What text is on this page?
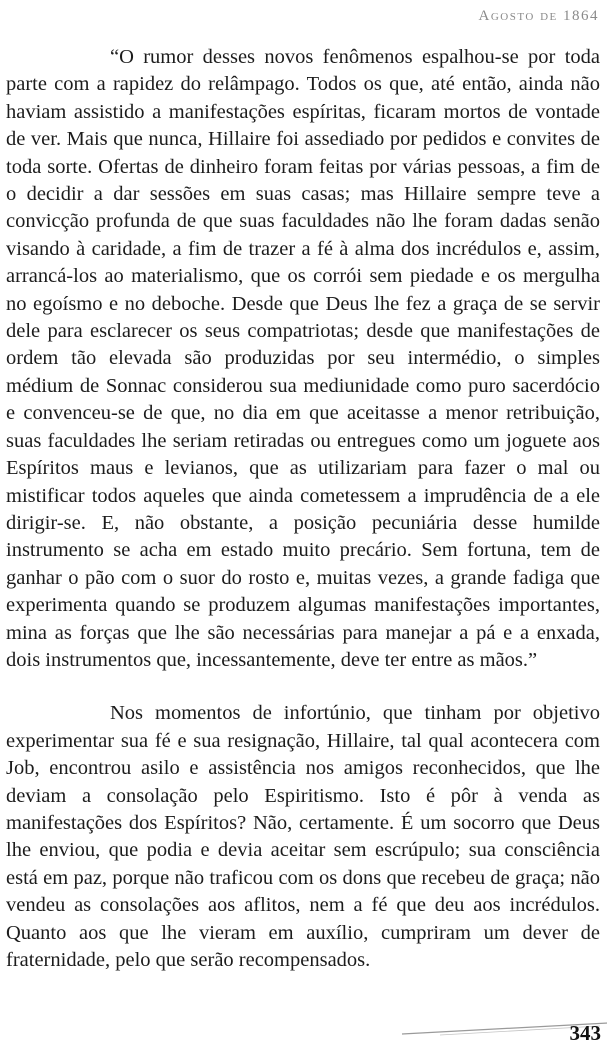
Agosto de 1864

“O rumor desses novos fenômenos espalhou-se por toda parte com a rapidez do relâmpago. Todos os que, até então, ainda não haviam assistido a manifestações espíritas, ficaram mortos de vontade de ver. Mais que nunca, Hillaire foi assediado por pedidos e convites de toda sorte. Ofertas de dinheiro foram feitas por várias pessoas, a fim de o decidir a dar sessões em suas casas; mas Hillaire sempre teve a convicção profunda de que suas faculdades não lhe foram dadas senão visando à caridade, a fim de trazer a fé à alma dos incrédulos e, assim, arrancá-los ao materialismo, que os corrói sem piedade e os mergulha no egoísmo e no deboche. Desde que Deus lhe fez a graça de se servir dele para esclarecer os seus compatriotas; desde que manifestações de ordem tão elevada são produzidas por seu intermédio, o simples médium de Sonnac considerou sua mediunidade como puro sacerdócio e convenceu-se de que, no dia em que aceitasse a menor retribuição, suas faculdades lhe seriam retiradas ou entregues como um joguete aos Espíritos maus e levianos, que as utilizariam para fazer o mal ou mistificar todos aqueles que ainda cometessem a imprudência de a ele dirigir-se. E, não obstante, a posição pecuniária desse humilde instrumento se acha em estado muito precário. Sem fortuna, tem de ganhar o pão com o suor do rosto e, muitas vezes, a grande fadiga que experimenta quando se produzem algumas manifestações importantes, mina as forças que lhe são necessárias para manejar a pá e a enxada, dois instrumentos que, incessantemente, deve ter entre as mãos.”

Nos momentos de infortúnio, que tinham por objetivo experimentar sua fé e sua resignação, Hillaire, tal qual acontecera com Job, encontrou asilo e assistência nos amigos reconhecidos, que lhe deviam a consolação pelo Espiritismo. Isto é pôr à venda as manifestações dos Espíritos? Não, certamente. É um socorro que Deus lhe enviou, que podia e devia aceitar sem escrúpulo; sua consciência está em paz, porque não traficou com os dons que recebeu de graça; não vendeu as consolações aos aflitos, nem a fé que deu aos incrédulos. Quanto aos que lhe vieram em auxílio, cumpriram um dever de fraternidade, pelo que serão recompensados.

343
